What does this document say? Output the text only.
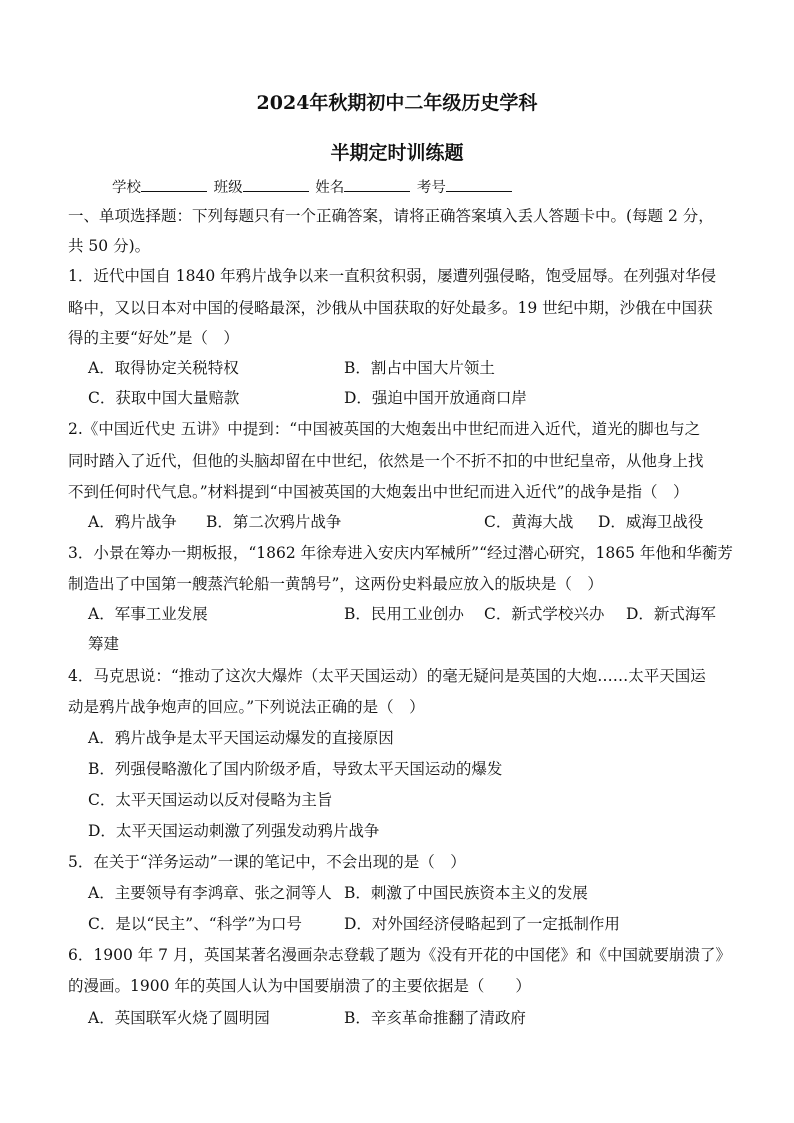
2024年秋期初中二年级历史学科
半期定时训练题
学校	班级	姓名	考号
一、单项选择题：下列每题只有一个正确答案，请将正确答案填入丢人答题卡中。(每题 2 分，
共 50 分)。
1．近代中国自 1840 年鸦片战争以来一直积贫积弱，屡遭列强侵略，饱受屈辱。在列强对华侵
略中，又以日本对中国的侵略最深，沙俄从中国获取的好处最多。19 世纪中期，沙俄在中国获
得的主要“好处”是（　）
A．取得协定关税特权	B．割占中国大片领土
C．获取中国大量赔款	D．强迫中国开放通商口岸
2.《中国近代史 五讲》中提到：“中国被英国的大炮轰出中世纪而进入近代，道光的脚也与之
同时踏入了近代，但他的头脑却留在中世纪，依然是一个不折不扣的中世纪皇帝，从他身上找
不到任何时代气息。”材料提到“中国被英国的大炮轰出中世纪而进入近代”的战争是指（　）
A．鸦片战争 B．第二次鸦片战争	C．黄海大战 D．威海卫战役
3．小景在筹办一期板报，“1862 年徐寿进入安庆内军械所”“经过潜心研究，1865 年他和华蘅芳
制造出了中国第一艘蒸汽轮船一黄鹄号”，这两份史料最应放入的版块是（　）
A．军事工业发展	B．民用工业创办 C．新式学校兴办 D．新式海军
筹建
4．马克思说：“推动了这次大爆炸（太平天国运动）的毫无疑问是英国的大炮……太平天国运
动是鸦片战争炮声的回应。”下列说法正确的是（　）
A．鸦片战争是太平天国运动爆发的直接原因
B．列强侵略激化了国内阶级矛盾，导致太平天国运动的爆发
C．太平天国运动以反对侵略为主旨
D．太平天国运动刺激了列强发动鸦片战争
5．在关于“洋务运动”一课的笔记中，不会出现的是（　）
A．主要领导有李鸿章、张之洞等人 B．刺激了中国民族资本主义的发展
C．是以“民主”、“科学”为口号	D．对外国经济侵略起到了一定抵制作用
6．1900 年 7 月，英国某著名漫画杂志登载了题为《没有开花的中国佬》和《中国就要崩溃了》
的漫画。1900 年的英国人认为中国要崩溃了的主要依据是（　　）
A．英国联军火烧了圆明园	B．辛亥革命推翻了清政府
